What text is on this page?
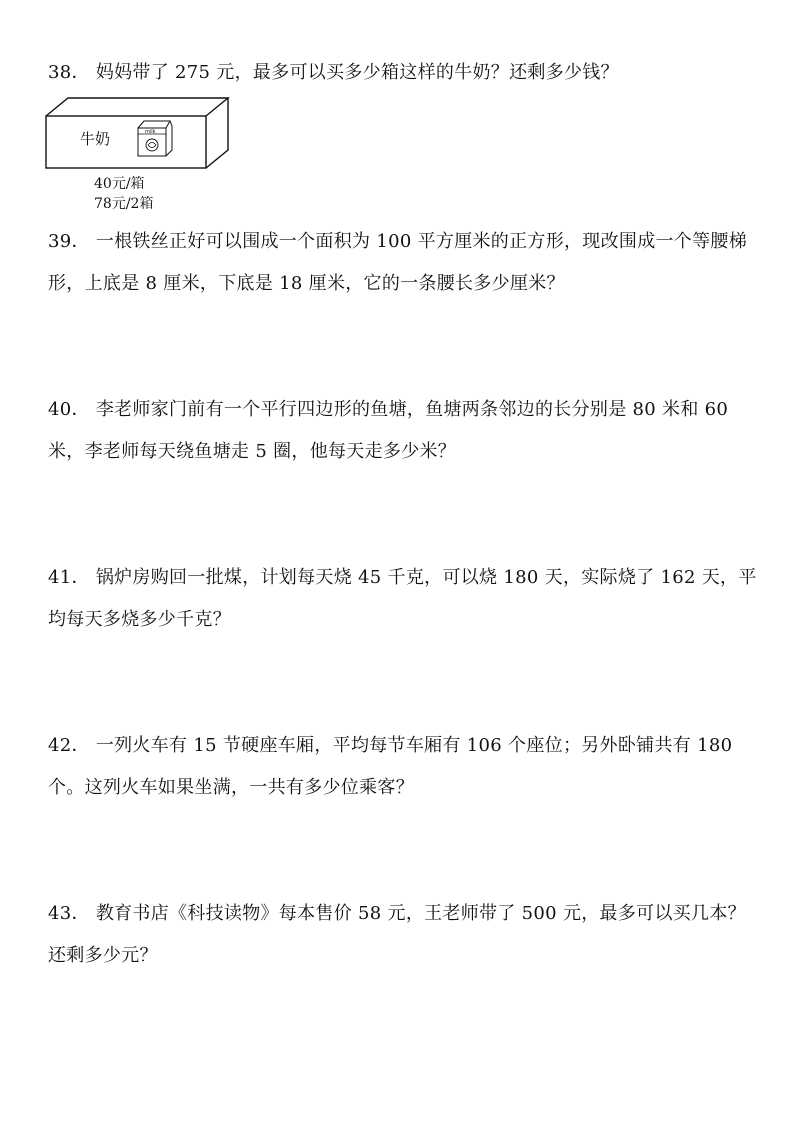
38． 妈妈带了 275 元，最多可以买多少箱这样的牛奶？还剩多少钱？

milk
牛奶
40元/箱
78元/2箱

39． 一根铁丝正好可以围成一个面积为 100 平方厘米的正方形，现改围成一个等腰梯形，上底是 8 厘米，下底是 18 厘米，它的一条腰长多少厘米？

40． 李老师家门前有一个平行四边形的鱼塘，鱼塘两条邻边的长分别是 80 米和 60 米，李老师每天绕鱼塘走 5 圈，他每天走多少米？

41． 锅炉房购回一批煤，计划每天烧 45 千克，可以烧 180 天，实际烧了 162 天，平均每天多烧多少千克？

42． 一列火车有 15 节硬座车厢，平均每节车厢有 106 个座位；另外卧铺共有 180 个。这列火车如果坐满，一共有多少位乘客？

43． 教育书店《科技读物》每本售价 58 元，王老师带了 500 元，最多可以买几本？还剩多少元？
